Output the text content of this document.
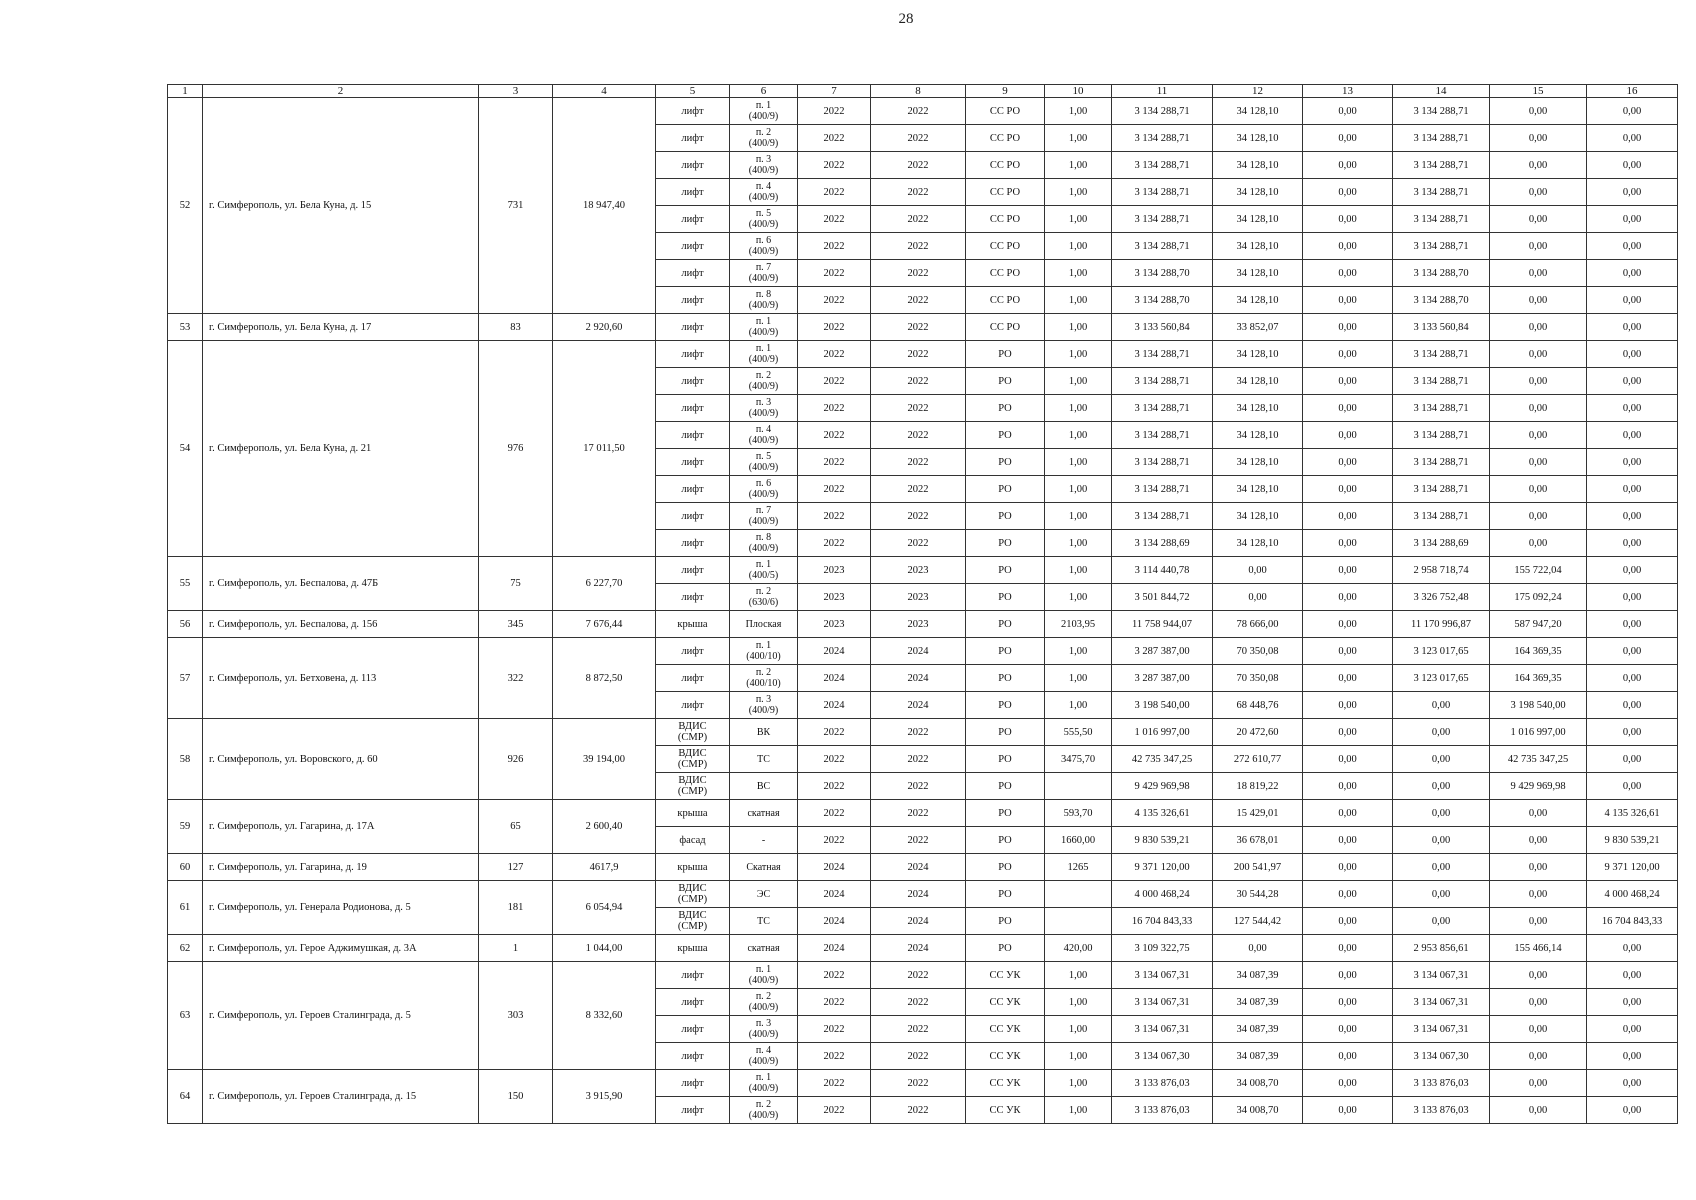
28
1	2	3	4	5	6	7	8	9	10	11	12	13	14	15	16
52	г. Симферополь, ул. Бела Куна, д. 15	731	18 947,40	лифт	п. 1
(400/9)	2022	2022	СС РО	1,00	3 134 288,71	34 128,10	0,00	3 134 288,71	0,00	0,00
				лифт	п. 2
(400/9)	2022	2022	СС РО	1,00	3 134 288,71	34 128,10	0,00	3 134 288,71	0,00	0,00
				лифт	п. 3
(400/9)	2022	2022	СС РО	1,00	3 134 288,71	34 128,10	0,00	3 134 288,71	0,00	0,00
				лифт	п. 4
(400/9)	2022	2022	СС РО	1,00	3 134 288,71	34 128,10	0,00	3 134 288,71	0,00	0,00
				лифт	п. 5
(400/9)	2022	2022	СС РО	1,00	3 134 288,71	34 128,10	0,00	3 134 288,71	0,00	0,00
				лифт	п. 6
(400/9)	2022	2022	СС РО	1,00	3 134 288,71	34 128,10	0,00	3 134 288,71	0,00	0,00
				лифт	п. 7
(400/9)	2022	2022	СС РО	1,00	3 134 288,70	34 128,10	0,00	3 134 288,70	0,00	0,00
				лифт	п. 8
(400/9)	2022	2022	СС РО	1,00	3 134 288,70	34 128,10	0,00	3 134 288,70	0,00	0,00
53	г. Симферополь, ул. Бела Куна, д. 17	83	2 920,60	лифт	п. 1
(400/9)	2022	2022	СС РО	1,00	3 133 560,84	33 852,07	0,00	3 133 560,84	0,00	0,00
54	г. Симферополь, ул. Бела Куна, д. 21	976	17 011,50	лифт	п. 1
(400/9)	2022	2022	РО	1,00	3 134 288,71	34 128,10	0,00	3 134 288,71	0,00	0,00
				лифт	п. 2
(400/9)	2022	2022	РО	1,00	3 134 288,71	34 128,10	0,00	3 134 288,71	0,00	0,00
				лифт	п. 3
(400/9)	2022	2022	РО	1,00	3 134 288,71	34 128,10	0,00	3 134 288,71	0,00	0,00
				лифт	п. 4
(400/9)	2022	2022	РО	1,00	3 134 288,71	34 128,10	0,00	3 134 288,71	0,00	0,00
				лифт	п. 5
(400/9)	2022	2022	РО	1,00	3 134 288,71	34 128,10	0,00	3 134 288,71	0,00	0,00
				лифт	п. 6
(400/9)	2022	2022	РО	1,00	3 134 288,71	34 128,10	0,00	3 134 288,71	0,00	0,00
				лифт	п. 7
(400/9)	2022	2022	РО	1,00	3 134 288,71	34 128,10	0,00	3 134 288,71	0,00	0,00
				лифт	п. 8
(400/9)	2022	2022	РО	1,00	3 134 288,69	34 128,10	0,00	3 134 288,69	0,00	0,00
55	г. Симферополь, ул. Беспалова, д. 47Б	75	6 227,70	лифт	п. 1
(400/5)	2023	2023	РО	1,00	3 114 440,78	0,00	0,00	2 958 718,74	155 722,04	0,00
				лифт	п. 2
(630/6)	2023	2023	РО	1,00	3 501 844,72	0,00	0,00	3 326 752,48	175 092,24	0,00
56	г. Симферополь, ул. Беспалова, д. 156	345	7 676,44	крыша	Плоская	2023	2023	РО	2103,95	11 758 944,07	78 666,00	0,00	11 170 996,87	587 947,20	0,00
57	г. Симферополь, ул. Бетховена, д. 113	322	8 872,50	лифт	п. 1
(400/10)	2024	2024	РО	1,00	3 287 387,00	70 350,08	0,00	3 123 017,65	164 369,35	0,00
				лифт	п. 2
(400/10)	2024	2024	РО	1,00	3 287 387,00	70 350,08	0,00	3 123 017,65	164 369,35	0,00
				лифт	п. 3
(400/9)	2024	2024	РО	1,00	3 198 540,00	68 448,76	0,00	0,00	3 198 540,00	0,00
58	г. Симферополь, ул. Воровского, д. 60	926	39 194,00	ВДИС
(СМР)	ВК	2022	2022	РО	555,50	1 016 997,00	20 472,60	0,00	0,00	1 016 997,00	0,00

				ВДИС
(СМР)	ТС	2022	2022	РО	3475,70	42 735 347,25	272 610,77	0,00	0,00	42 735 347,25	0,00

				ВДИС
(СМР)	ВС	2022	2022	РО		9 429 969,98	18 819,22	0,00	0,00	9 429 969,98	0,00
59	г. Симферополь, ул. Гагарина, д. 17А	65	2 600,40	крыша	скатная	2022	2022	РО	593,70	4 135 326,61	15 429,01	0,00	0,00	0,00	4 135 326,61
				фасад	-	2022	2022	РО	1660,00	9 830 539,21	36 678,01	0,00	0,00	0,00	9 830 539,21
60	г. Симферополь, ул. Гагарина, д. 19	127	4617,9	крыша	Скатная	2024	2024	РО	1265	9 371 120,00	200 541,97	0,00	0,00	0,00	9 371 120,00
61	г. Симферополь, ул. Генерала Родионова, д. 5	181	6 054,94	ВДИС
(СМР)	ЭС	2024	2024	РО		4 000 468,24	30 544,28	0,00	0,00	0,00	4 000 468,24

				ВДИС
(СМР)	ТС	2024	2024	РО		16 704 843,33	127 544,42	0,00	0,00	0,00	16 704 843,33
62	г. Симферополь, ул. Герое Аджимушкая, д. 3А	1	1 044,00	крыша	скатная	2024	2024	РО	420,00	3 109 322,75	0,00	0,00	2 953 856,61	155 466,14	0,00
63	г. Симферополь, ул. Героев Сталинграда, д. 5	303	8 332,60	лифт	п. 1
(400/9)	2022	2022	СС УК	1,00	3 134 067,31	34 087,39	0,00	3 134 067,31	0,00	0,00
				лифт	п. 2
(400/9)	2022	2022	СС УК	1,00	3 134 067,31	34 087,39	0,00	3 134 067,31	0,00	0,00
				лифт	п. 3
(400/9)	2022	2022	СС УК	1,00	3 134 067,31	34 087,39	0,00	3 134 067,31	0,00	0,00
				лифт	п. 4
(400/9)	2022	2022	СС УК	1,00	3 134 067,30	34 087,39	0,00	3 134 067,30	0,00	0,00
64	г. Симферополь, ул. Героев Сталинграда, д. 15	150	3 915,90	лифт	п. 1
(400/9)	2022	2022	СС УК	1,00	3 133 876,03	34 008,70	0,00	3 133 876,03	0,00	0,00
				лифт	п. 2
(400/9)	2022	2022	СС УК	1,00	3 133 876,03	34 008,70	0,00	3 133 876,03	0,00	0,00
